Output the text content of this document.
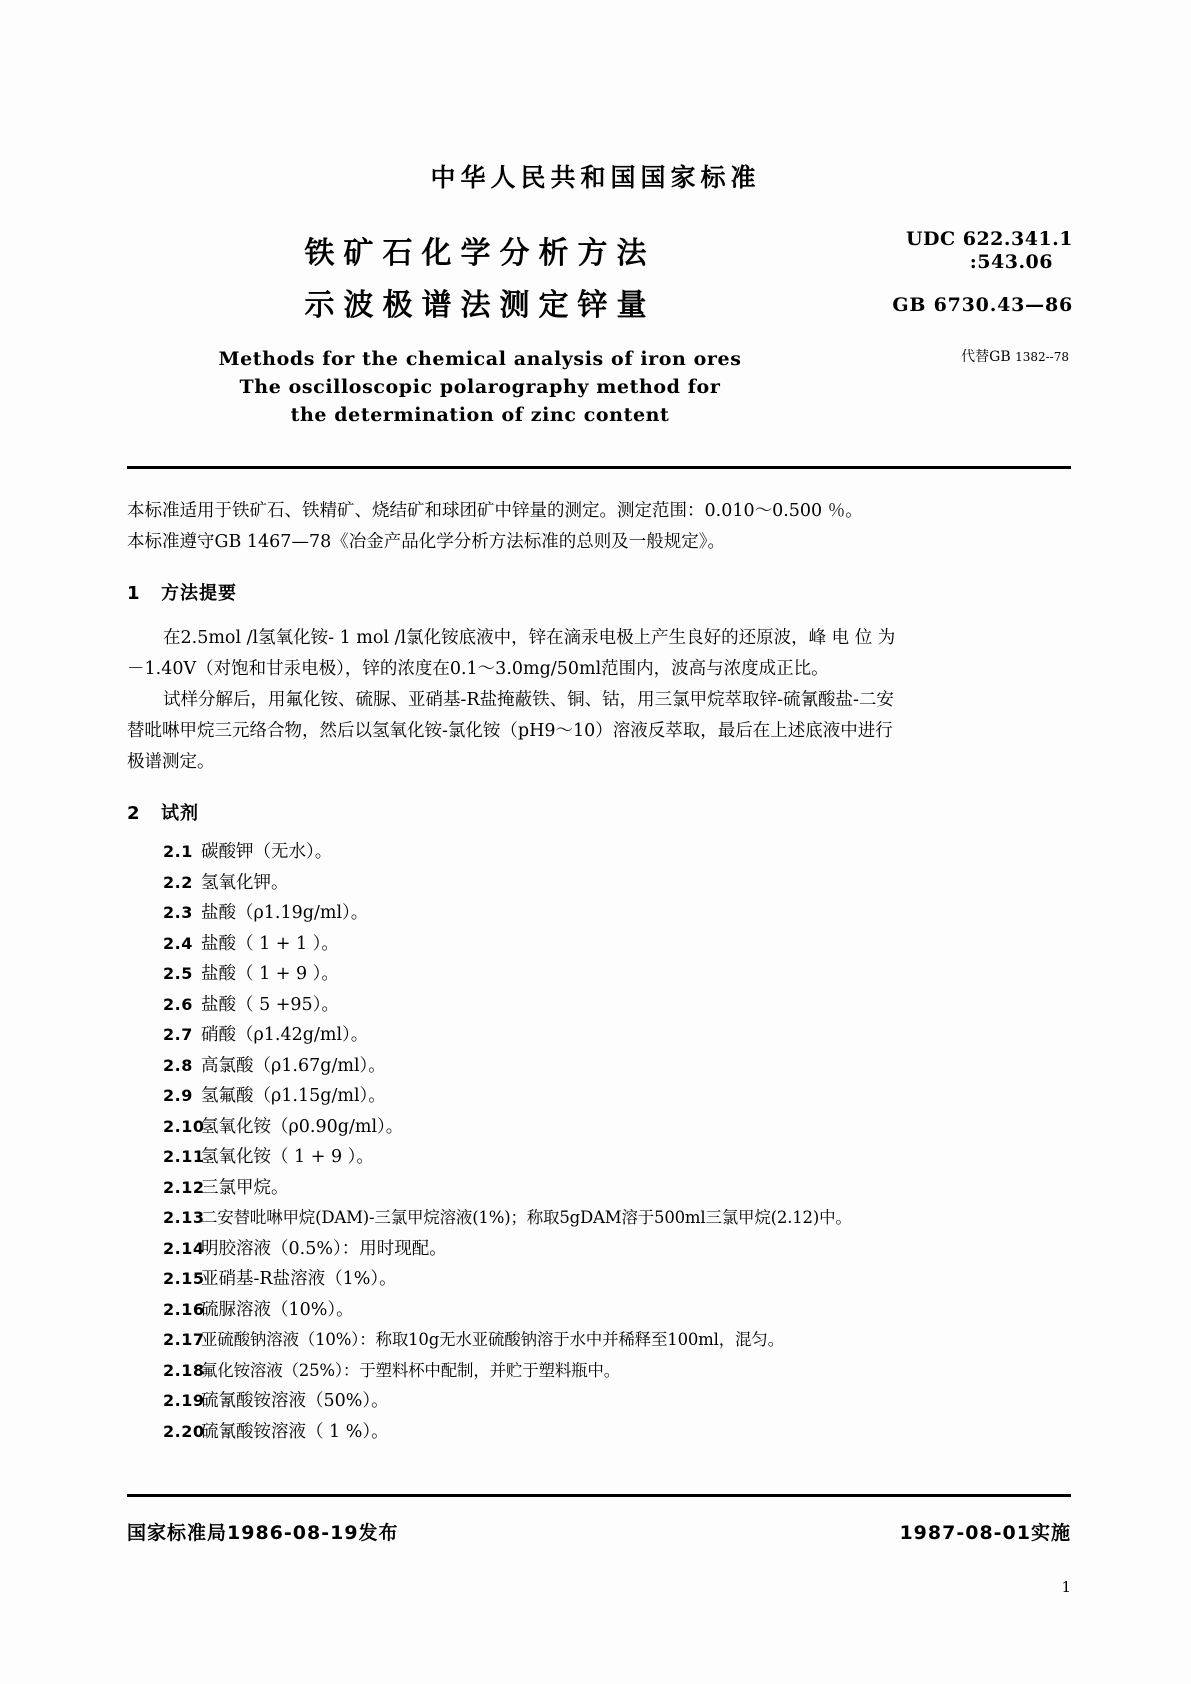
中华人民共和国国家标准
铁矿石化学分析方法
示波极谱法测定锌量
UDC 622.341.1
:543.06
GB 6730.43—86
代替GB 1382--78
Methods for the chemical analysis of iron ores
The oscilloscopic polarography method for
the determination of zinc content
本标准适用于铁矿石、铁精矿、烧结矿和球团矿中锌量的测定。测定范围：0.010～0.500 ％。
本标准遵守GB 1467—78《冶金产品化学分析方法标准的总则及一般规定》。
1 方法提要
在2.5mol /l氢氧化铵- 1 mol /l氯化铵底液中，锌在滴汞电极上产生良好的还原波，峰 电 位 为
－1.40V（对饱和甘汞电极），锌的浓度在0.1～3.0mg/50ml范围内，波高与浓度成正比。
试样分解后，用氟化铵、硫脲、亚硝基-R盐掩蔽铁、铜、钴，用三氯甲烷萃取锌-硫氰酸盐-二安
替吡啉甲烷三元络合物，然后以氢氧化铵-氯化铵（pH9～10）溶液反萃取，最后在上述底液中进行
极谱测定。
2 试剂
2.1 碳酸钾（无水）。
2.2 氢氧化钾。
2.3 盐酸（ρ1.19g/ml）。
2.4 盐酸（ 1 + 1 ）。
2.5 盐酸（ 1 + 9 ）。
2.6 盐酸（ 5 +95）。
2.7 硝酸（ρ1.42g/ml）。
2.8 高氯酸（ρ1.67g/ml）。
2.9 氢氟酸（ρ1.15g/ml）。
2.10
氢氧化铵（ρ0.90g/ml）。
2.11
氢氧化铵（ 1 + 9 ）。
2.12
三氯甲烷。
2.13
二安替吡啉甲烷(DAM)-三氯甲烷溶液(1%)；称取5gDAM溶于500ml三氯甲烷(2.12)中。
2.14
明胶溶液（0.5%）：用时现配。
2.15
亚硝基-R盐溶液（1%）。
2.16
硫脲溶液（10%）。
2.17
亚硫酸钠溶液（10%）：称取10g无水亚硫酸钠溶于水中并稀释至100ml，混匀。
2.18
氟化铵溶液（25%）：于塑料杯中配制，并贮于塑料瓶中。
2.19
硫氰酸铵溶液（50%）。
2.20
硫氰酸铵溶液（ 1 %）。
国家标准局1986-08-19发布	1987-08-01实施
1
